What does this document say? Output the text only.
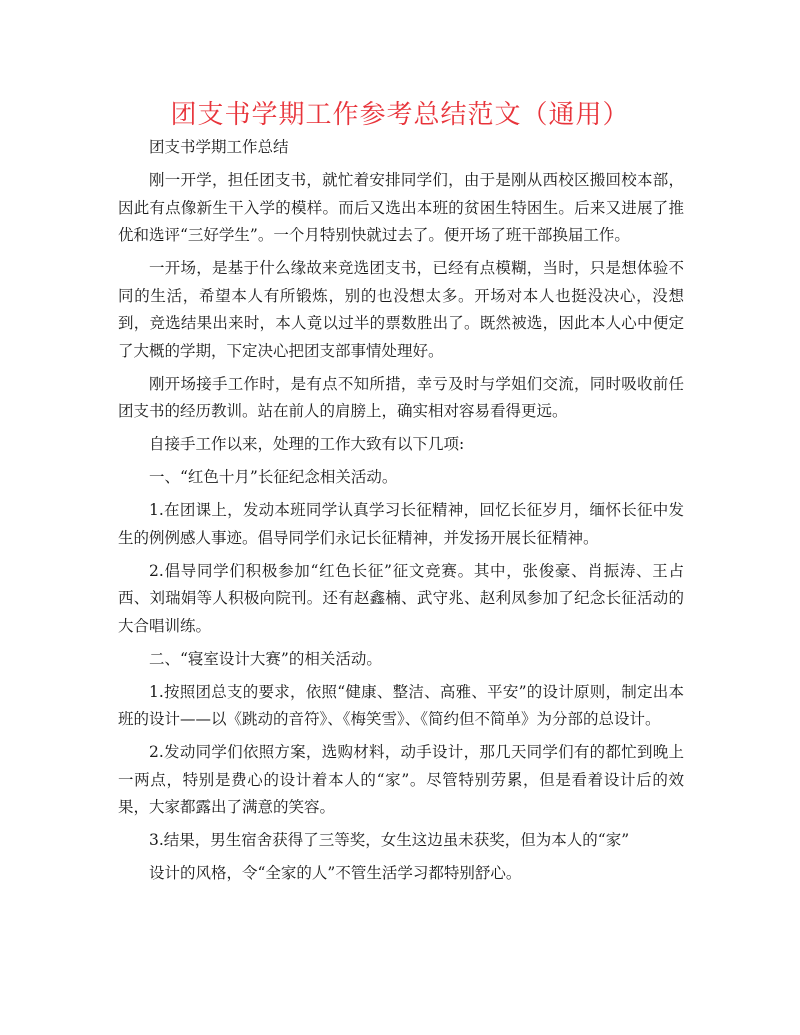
团支书学期工作参考总结范文（通用）

团支书学期工作总结

刚一开学，担任团支书，就忙着安排同学们，由于是刚从西校区搬回校本部，因此有点像新生干入学的模样。而后又选出本班的贫困生特困生。后来又进展了推优和选评“三好学生”。一个月特别快就过去了。便开场了班干部换届工作。

一开场，是基于什么缘故来竞选团支书，已经有点模糊，当时，只是想体验不同的生活，希望本人有所锻炼，别的也没想太多。开场对本人也挺没决心，没想到，竞选结果出来时，本人竟以过半的票数胜出了。既然被选，因此本人心中便定了大概的学期，下定决心把团支部事情处理好。

刚开场接手工作时，是有点不知所措，幸亏及时与学姐们交流，同时吸收前任团支书的经历教训。站在前人的肩膀上，确实相对容易看得更远。

自接手工作以来，处理的工作大致有以下几项:

一、“红色十月”长征纪念相关活动。

1.在团课上，发动本班同学认真学习长征精神，回忆长征岁月，缅怀长征中发生的例例感人事迹。倡导同学们永记长征精神，并发扬开展长征精神。

2.倡导同学们积极参加“红色长征”征文竞赛。其中，张俊豪、肖振涛、王占西、刘瑞娟等人积极向院刊。还有赵鑫楠、武守兆、赵利凤参加了纪念长征活动的大合唱训练。

二、“寝室设计大赛”的相关活动。

1.按照团总支的要求，依照“健康、整洁、高雅、平安”的设计原则，制定出本班的设计——以《跳动的音符》、《梅笑雪》、《简约但不简单》为分部的总设计。

2.发动同学们依照方案，选购材料，动手设计，那几天同学们有的都忙到晚上一两点，特别是费心的设计着本人的“家”。尽管特别劳累，但是看着设计后的效果，大家都露出了满意的笑容。

3.结果，男生宿舍获得了三等奖，女生这边虽未获奖，但为本人的“家”

设计的风格，令“全家的人”不管生活学习都特别舒心。
